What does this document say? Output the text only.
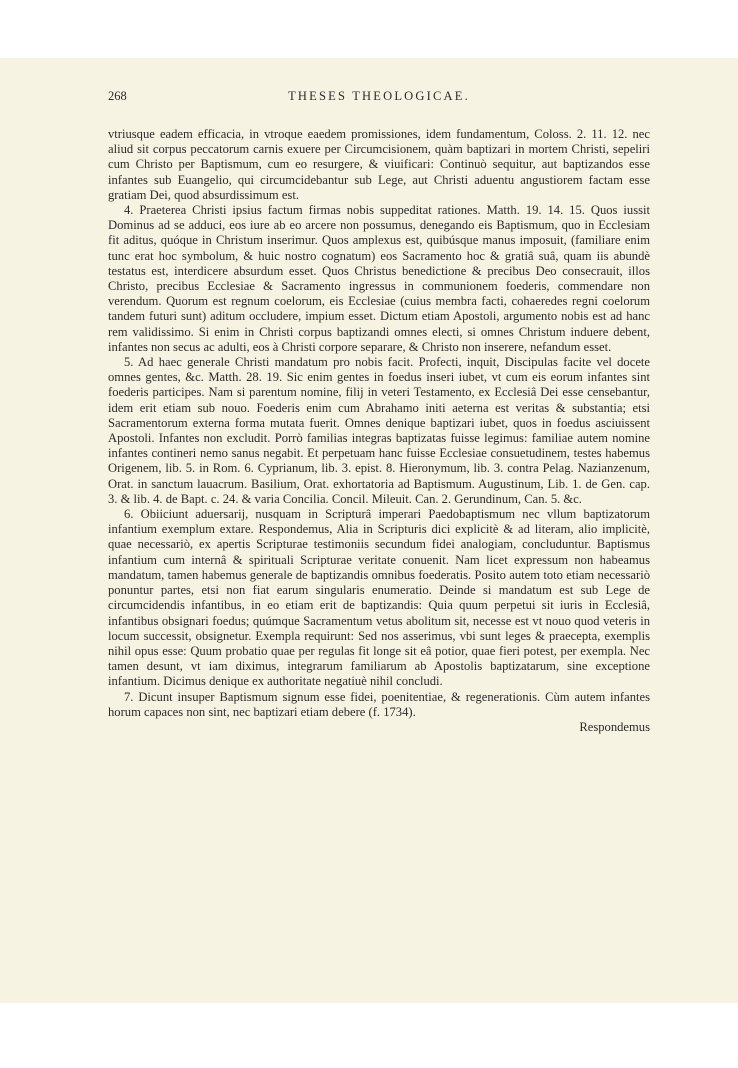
268	THESES THEOLOGICAE.

vtriusque eadem efficacia, in vtroque eaedem promissiones, idem fundamentum, Coloss. 2. 11. 12. nec aliud sit corpus peccatorum carnis exuere per Circumcisionem, quàm baptizari in mortem Christi, sepeliri cum Christo per Baptismum, cum eo resurgere, & viuificari: Continuò sequitur, aut baptizandos esse infantes sub Euangelio, qui circumcidebantur sub Lege, aut Christi aduentu angustiorem factam esse gratiam Dei, quod absurdissimum est.

4. Praeterea Christi ipsius factum firmas nobis suppeditat rationes. Matth. 19. 14. 15. Quos iussit Dominus ad se adduci, eos iure ab eo arcere non possumus, denegando eis Baptismum, quo in Ecclesiam fit aditus, quóque in Christum inserimur. Quos amplexus est, quibúsque manus imposuit, (familiare enim tunc erat hoc symbolum, & huic nostro cognatum) eos Sacramento hoc & gratiâ suâ, quam iis abundè testatus est, interdicere absurdum esset. Quos Christus benedictione & precibus Deo consecrauit, illos Christo, precibus Ecclesiae & Sacramento ingressus in communionem foederis, commendare non verendum. Quorum est regnum coelorum, eis Ecclesiae (cuius membra facti, cohaeredes regni coelorum tandem futuri sunt) aditum occludere, impium esset. Dictum etiam Apostoli, argumento nobis est ad hanc rem validissimo. Si enim in Christi corpus baptizandi omnes electi, si omnes Christum induere debent, infantes non secus ac adulti, eos à Christi corpore separare, & Christo non inserere, nefandum esset.

5. Ad haec generale Christi mandatum pro nobis facit. Profecti, inquit, Discipulas facite vel docete omnes gentes, &c. Matth. 28. 19. Sic enim gentes in foedus inseri iubet, vt cum eis eorum infantes sint foederis participes. Nam si parentum nomine, filij in veteri Testamento, ex Ecclesiâ Dei esse censebantur, idem erit etiam sub nouo. Foederis enim cum Abrahamo initi aeterna est veritas & substantia; etsi Sacramentorum externa forma mutata fuerit. Omnes denique baptizari iubet, quos in foedus asciuissent Apostoli. Infantes non excludit. Porrò familias integras baptizatas fuisse legimus: familiae autem nomine infantes contineri nemo sanus negabit. Et perpetuam hanc fuisse Ecclesiae consuetudinem, testes habemus Origenem, lib. 5. in Rom. 6. Cyprianum, lib. 3. epist. 8. Hieronymum, lib. 3. contra Pelag. Nazianzenum, Orat. in sanctum lauacrum. Basilium, Orat. exhortatoria ad Baptismum. Augustinum, Lib. 1. de Gen. cap. 3. & lib. 4. de Bapt. c. 24. & varia Concilia. Concil. Mileuit. Can. 2. Gerundinum, Can. 5. &c.

6. Obiiciunt aduersarij, nusquam in Scripturâ imperari Paedobaptismum nec vllum baptizatorum infantium exemplum extare. Respondemus, Alia in Scripturis dici explicitè & ad literam, alio implicitè, quae necessariò, ex apertis Scripturae testimoniis secundum fidei analogiam, concluduntur. Baptismus infantium cum internâ & spirituali Scripturae veritate conuenit. Nam licet expressum non habeamus mandatum, tamen habemus generale de baptizandis omnibus foederatis. Posito autem toto etiam necessariò ponuntur partes, etsi non fiat earum singularis enumeratio. Deinde si mandatum est sub Lege de circumcidendis infantibus, in eo etiam erit de baptizandis: Quia quum perpetui sit iuris in Ecclesiâ, infantibus obsignari foedus; quúmque Sacramentum vetus abolitum sit, necesse est vt nouo quod veteris in locum successit, obsignetur. Exempla requirunt: Sed nos asserimus, vbi sunt leges & praecepta, exemplis nihil opus esse: Quum probatio quae per regulas fit longe sit eâ potior, quae fieri potest, per exempla. Nec tamen desunt, vt iam diximus, integrarum familiarum ab Apostolis baptizatarum, sine exceptione infantium. Dicimus denique ex authoritate negatiuè nihil concludi.

7. Dicunt insuper Baptismum signum esse fidei, poenitentiae, & regenerationis. Cùm autem infantes horum capaces non sint, nec baptizari etiam debere (f. 1734).

Respondemus
